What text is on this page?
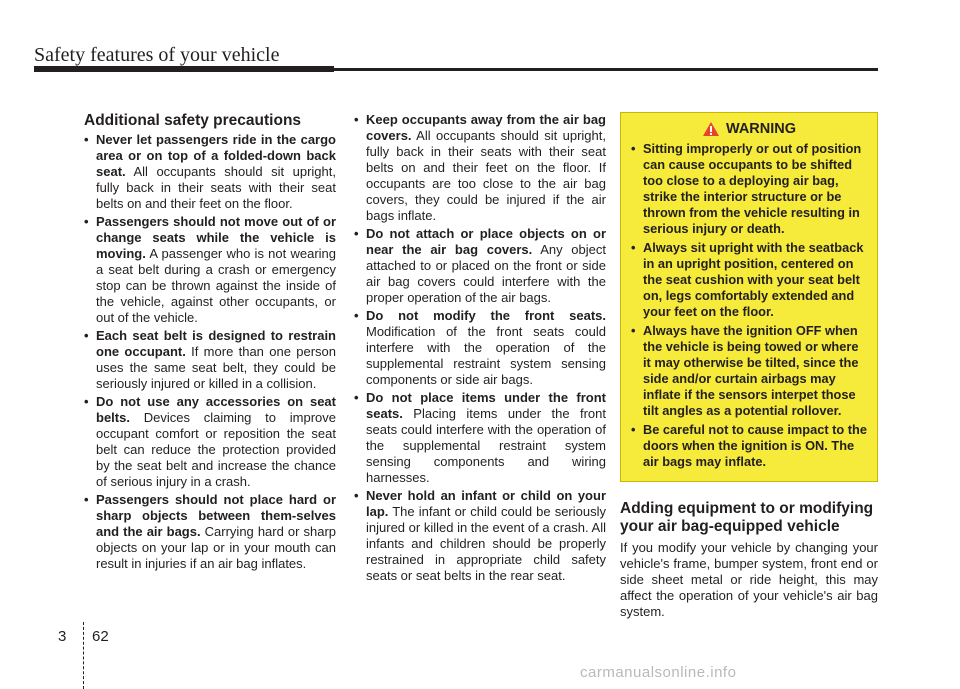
Safety features of your vehicle
Additional safety precautions
• Never let passengers ride in the cargo area or on top of a folded-down back seat. All occupants should sit upright, fully back in their seats with their seat belts on and their feet on the floor.
• Passengers should not move out of or change seats while the vehicle is moving. A passenger who is not wearing a seat belt during a crash or emergency stop can be thrown against the inside of the vehicle, against other occupants, or out of the vehicle.
• Each seat belt is designed to restrain one occupant. If more than one person uses the same seat belt, they could be seriously injured or killed in a collision.
• Do not use any accessories on seat belts. Devices claiming to improve occupant comfort or reposition the seat belt can reduce the protection provided by the seat belt and increase the chance of serious injury in a crash.
• Passengers should not place hard or sharp objects between them-selves and the air bags. Carrying hard or sharp objects on your lap or in your mouth can result in injuries if an air bag inflates.
• Keep occupants away from the air bag covers. All occupants should sit upright, fully back in their seats with their seat belts on and their feet on the floor. If occupants are too close to the air bag covers, they could be injured if the air bags inflate.
• Do not attach or place objects on or near the air bag covers. Any object attached to or placed on the front or side air bag covers could interfere with the proper operation of the air bags.
• Do not modify the front seats. Modification of the front seats could interfere with the operation of the supplemental restraint system sensing components or side air bags.
• Do not place items under the front seats. Placing items under the front seats could interfere with the operation of the supplemental restraint system sensing components and wiring harnesses.
• Never hold an infant or child on your lap. The infant or child could be seriously injured or killed in the event of a crash. All infants and children should be properly restrained in appropriate child safety seats or seat belts in the rear seat.
WARNING
• Sitting improperly or out of position can cause occupants to be shifted too close to a deploying air bag, strike the interior structure or be thrown from the vehicle resulting in serious injury or death.
• Always sit upright with the seatback in an upright position, centered on the seat cushion with your seat belt on, legs comfortably extended and your feet on the floor.
• Always have the ignition OFF when the vehicle is being towed or where it may otherwise be tilted, since the side and/or curtain airbags may inflate if the sensors interpet those tilt angles as a potential rollover.
• Be careful not to cause impact to the doors when the ignition is ON. The air bags may inflate.
Adding equipment to or modifying your air bag-equipped vehicle

If you modify your vehicle by changing your vehicle's frame, bumper system, front end or side sheet metal or ride height, this may affect the operation of your vehicle's air bag system.

3 62
carmanualsonline.info
